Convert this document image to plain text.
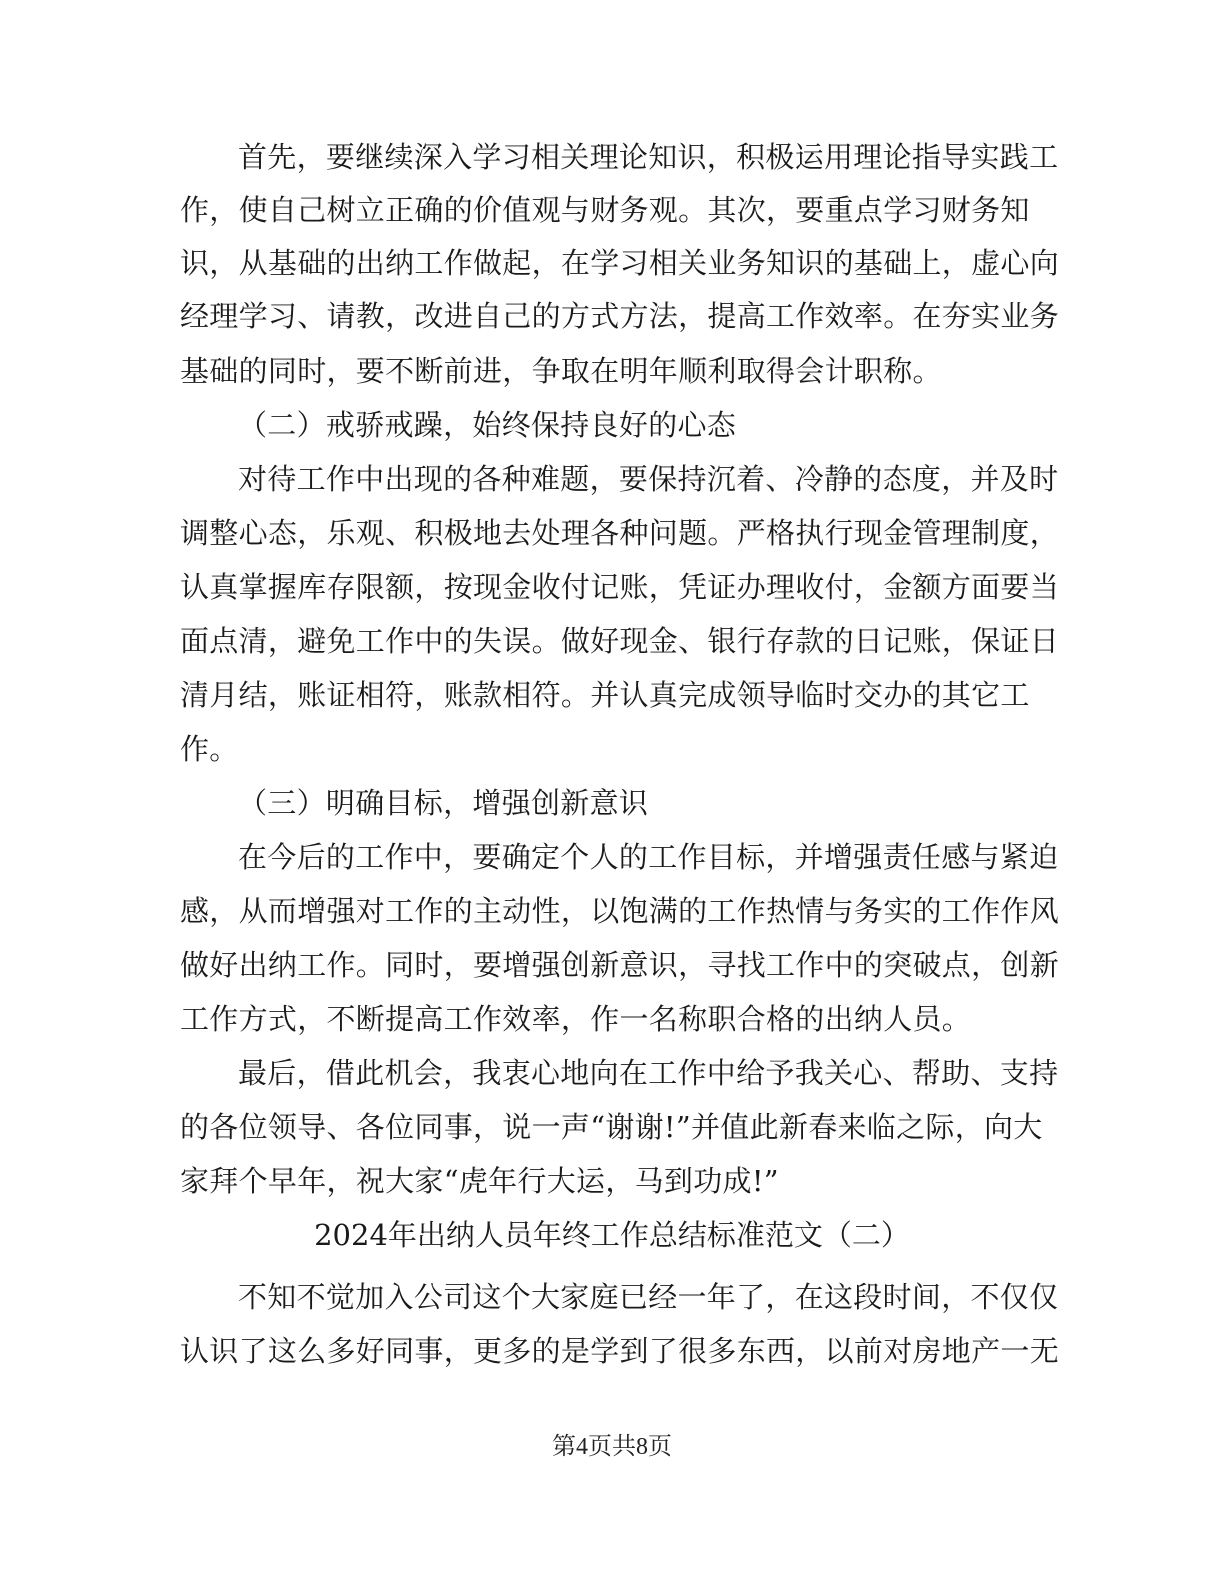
首先，要继续深入学习相关理论知识，积极运用理论指导实践工
作，使自己树立正确的价值观与财务观。其次，要重点学习财务知
识，从基础的出纳工作做起，在学习相关业务知识的基础上，虚心向
经理学习、请教，改进自己的方式方法，提高工作效率。在夯实业务
基础的同时，要不断前进，争取在明年顺利取得会计职称。
（二）戒骄戒躁，始终保持良好的心态
对待工作中出现的各种难题，要保持沉着、冷静的态度，并及时
调整心态，乐观、积极地去处理各种问题。严格执行现金管理制度，
认真掌握库存限额，按现金收付记账，凭证办理收付，金额方面要当
面点清，避免工作中的失误。做好现金、银行存款的日记账，保证日
清月结，账证相符，账款相符。并认真完成领导临时交办的其它工
作。
（三）明确目标，增强创新意识
在今后的工作中，要确定个人的工作目标，并增强责任感与紧迫
感，从而增强对工作的主动性，以饱满的工作热情与务实的工作作风
做好出纳工作。同时，要增强创新意识，寻找工作中的突破点，创新
工作方式，不断提高工作效率，作一名称职合格的出纳人员。
最后，借此机会，我衷心地向在工作中给予我关心、帮助、支持
的各位领导、各位同事，说一声“谢谢!”并值此新春来临之际，向大
家拜个早年，祝大家“虎年行大运，马到功成!”
2024年出纳人员年终工作总结标准范文（二）
不知不觉加入公司这个大家庭已经一年了，在这段时间，不仅仅
认识了这么多好同事，更多的是学到了很多东西，以前对房地产一无
第4页共8页
